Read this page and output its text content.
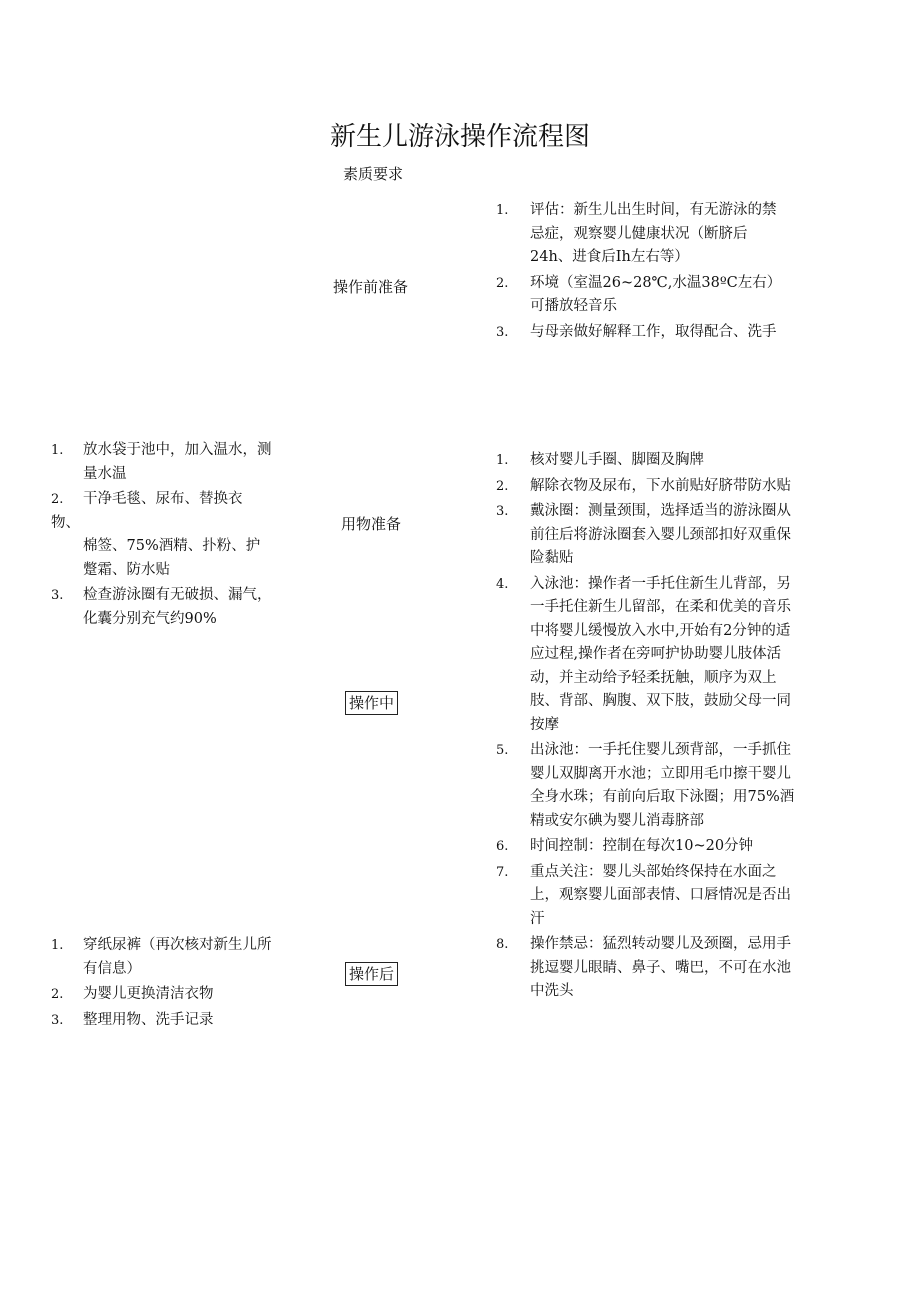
新生儿游泳操作流程图
素质要求
操作前准备
用物准备
操作中
操作后
1. 评估：新生儿出生时间，有无游泳的禁忌症，观察婴儿健康状况（断脐后24h、进食后Ih左右等）
2. 环境（室温26~28℃,水温38ºC左右）可播放轻音乐
3. 与母亲做好解释工作，取得配合、洗手
1. 放水袋于池中，加入温水，测量水温
2. 干净毛毯、尿布、替换衣
物、
棉签、75%酒精、扑粉、护蹩霜、防水贴
3. 检查游泳圈有无破损、漏气，化囊分别充气约90%
1. 核对婴儿手圈、脚圈及胸牌
2. 解除衣物及尿布，下水前贴好脐带防水贴
3. 戴泳圈：测量颈围，选择适当的游泳圈从前往后将游泳圈套入婴儿颈部扣好双重保险黏贴
4. 入泳池：操作者一手托住新生儿背部，另一手托住新生儿留部，在柔和优美的音乐中将婴儿缓慢放入水中,开始有2分钟的适应过程,操作者在旁呵护协助婴儿肢体活动，并主动给予轻柔抚触，顺序为双上肢、背部、胸腹、双下肢，鼓励父母一同按摩
5. 出泳池：一手托住婴儿颈背部，一手抓住婴儿双脚离开水池；立即用毛巾擦干婴儿全身水珠；有前向后取下泳圈；用75%酒精或安尔碘为婴儿消毒脐部
6. 时间控制：控制在每次10~20分钟
7. 重点关注：婴儿头部始终保持在水面之上，观察婴儿面部表情、口唇情况是否出汗
8. 操作禁忌：猛烈转动婴儿及颈圈，忌用手挑逗婴儿眼睛、鼻子、嘴巴，不可在水池中洗头
1. 穿纸尿裤（再次核对新生儿所有信息）
2. 为婴儿更换清洁衣物
3. 整理用物、洗手记录
